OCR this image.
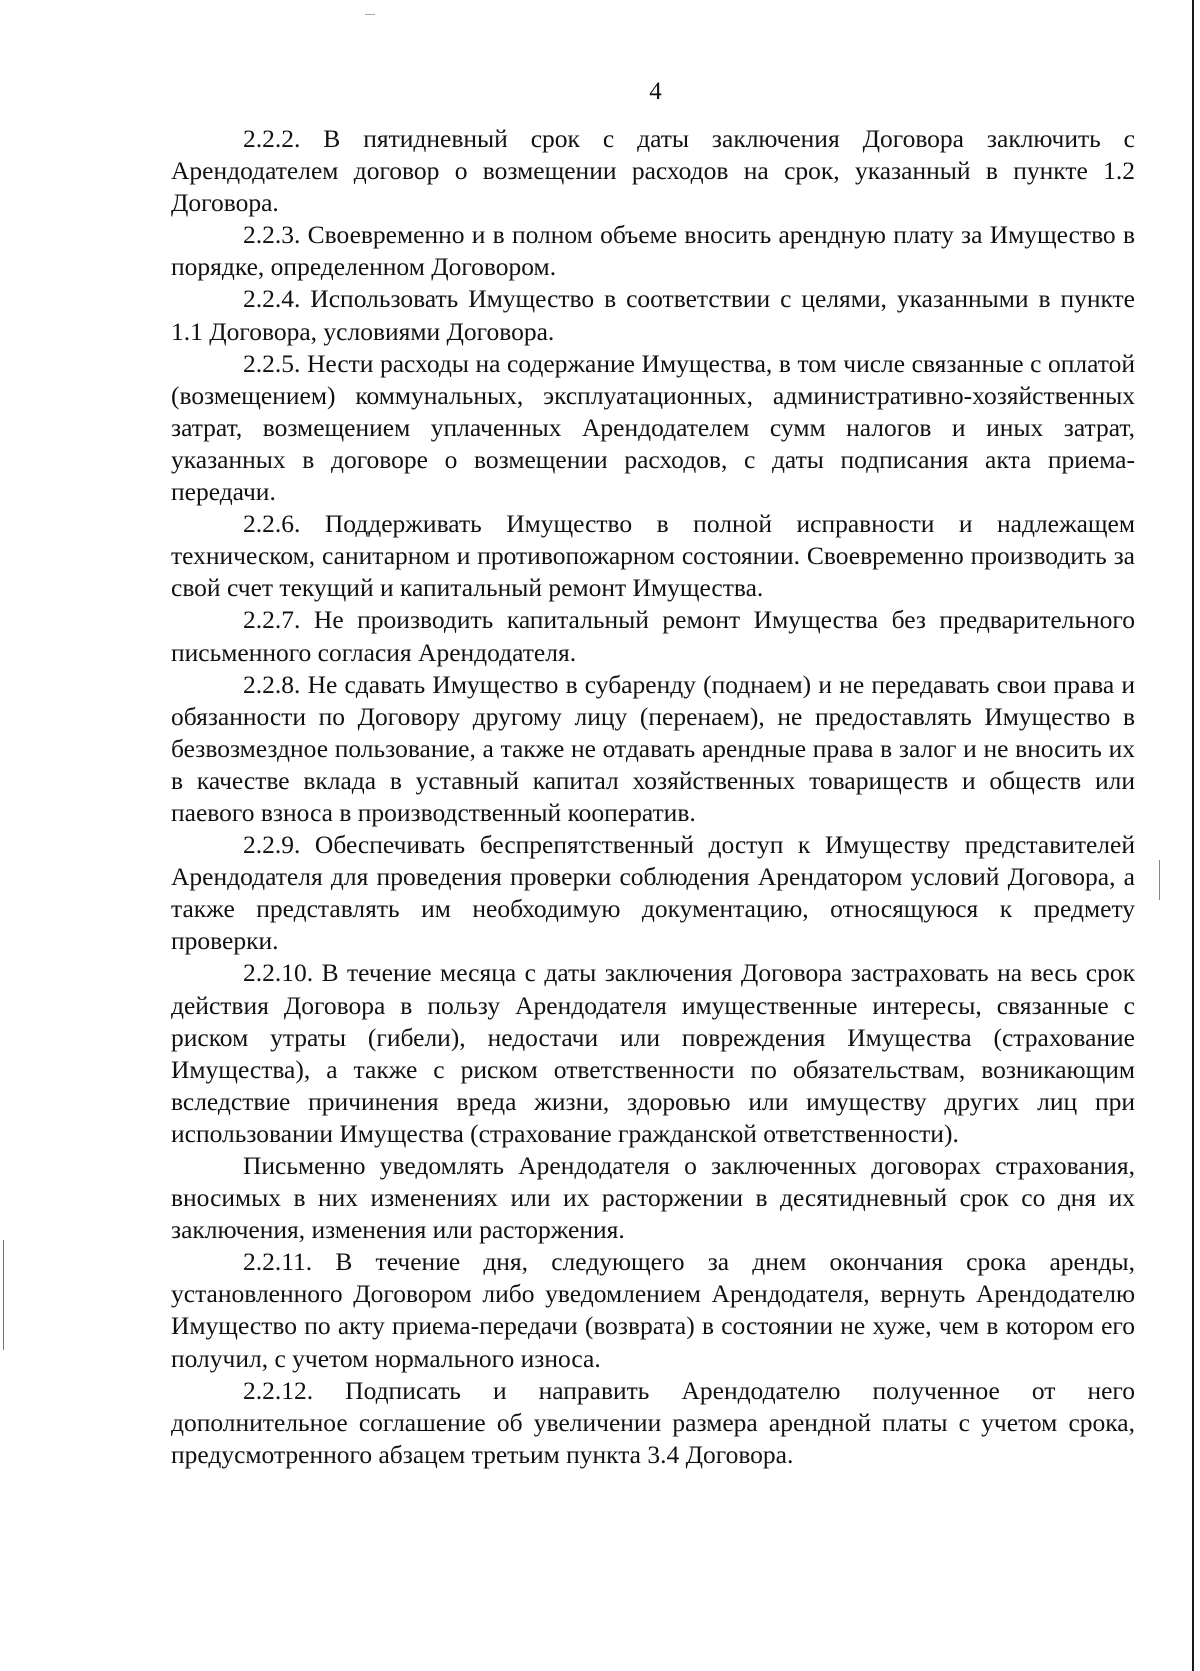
4

2.2.2. В пятидневный срок с даты заключения Договора заключить с Арендодателем договор о возмещении расходов на срок, указанный в пункте 1.2 Договора.

2.2.3. Своевременно и в полном объеме вносить арендную плату за Имущество в порядке, определенном Договором.

2.2.4. Использовать Имущество в соответствии с целями, указанными в пункте 1.1 Договора, условиями Договора.

2.2.5. Нести расходы на содержание Имущества, в том числе связанные с оплатой (возмещением) коммунальных, эксплуатационных, административно-хозяйственных затрат, возмещением уплаченных Арендодателем сумм налогов и иных затрат, указанных в договоре о возмещении расходов, с даты подписания акта приема-передачи.

2.2.6. Поддерживать Имущество в полной исправности и надлежащем техническом, санитарном и противопожарном состоянии. Своевременно производить за свой счет текущий и капитальный ремонт Имущества.

2.2.7. Не производить капитальный ремонт Имущества без предварительного письменного согласия Арендодателя.

2.2.8. Не сдавать Имущество в субаренду (поднаем) и не передавать свои права и обязанности по Договору другому лицу (перенаем), не предоставлять Имущество в безвозмездное пользование, а также не отдавать арендные права в залог и не вносить их в качестве вклада в уставный капитал хозяйственных товариществ и обществ или паевого взноса в производственный кооператив.

2.2.9. Обеспечивать беспрепятственный доступ к Имуществу представителей Арендодателя для проведения проверки соблюдения Арендатором условий Договора, а также представлять им необходимую документацию, относящуюся к предмету проверки.

2.2.10. В течение месяца с даты заключения Договора застраховать на весь срок действия Договора в пользу Арендодателя имущественные интересы, связанные с риском утраты (гибели), недостачи или повреждения Имущества (страхование Имущества), а также с риском ответственности по обязательствам, возникающим вследствие причинения вреда жизни, здоровью или имуществу других лиц при использовании Имущества (страхование гражданской ответственности).

Письменно уведомлять Арендодателя о заключенных договорах страхования, вносимых в них изменениях или их расторжении в десятидневный срок со дня их заключения, изменения или расторжения.

2.2.11. В течение дня, следующего за днем окончания срока аренды, установленного Договором либо уведомлением Арендодателя, вернуть Арендодателю Имущество по акту приема-передачи (возврата) в состоянии не хуже, чем в котором его получил, с учетом нормального износа.

2.2.12. Подписать и направить Арендодателю полученное от него дополнительное соглашение об увеличении размера арендной платы с учетом срока, предусмотренного абзацем третьим пункта 3.4 Договора.
